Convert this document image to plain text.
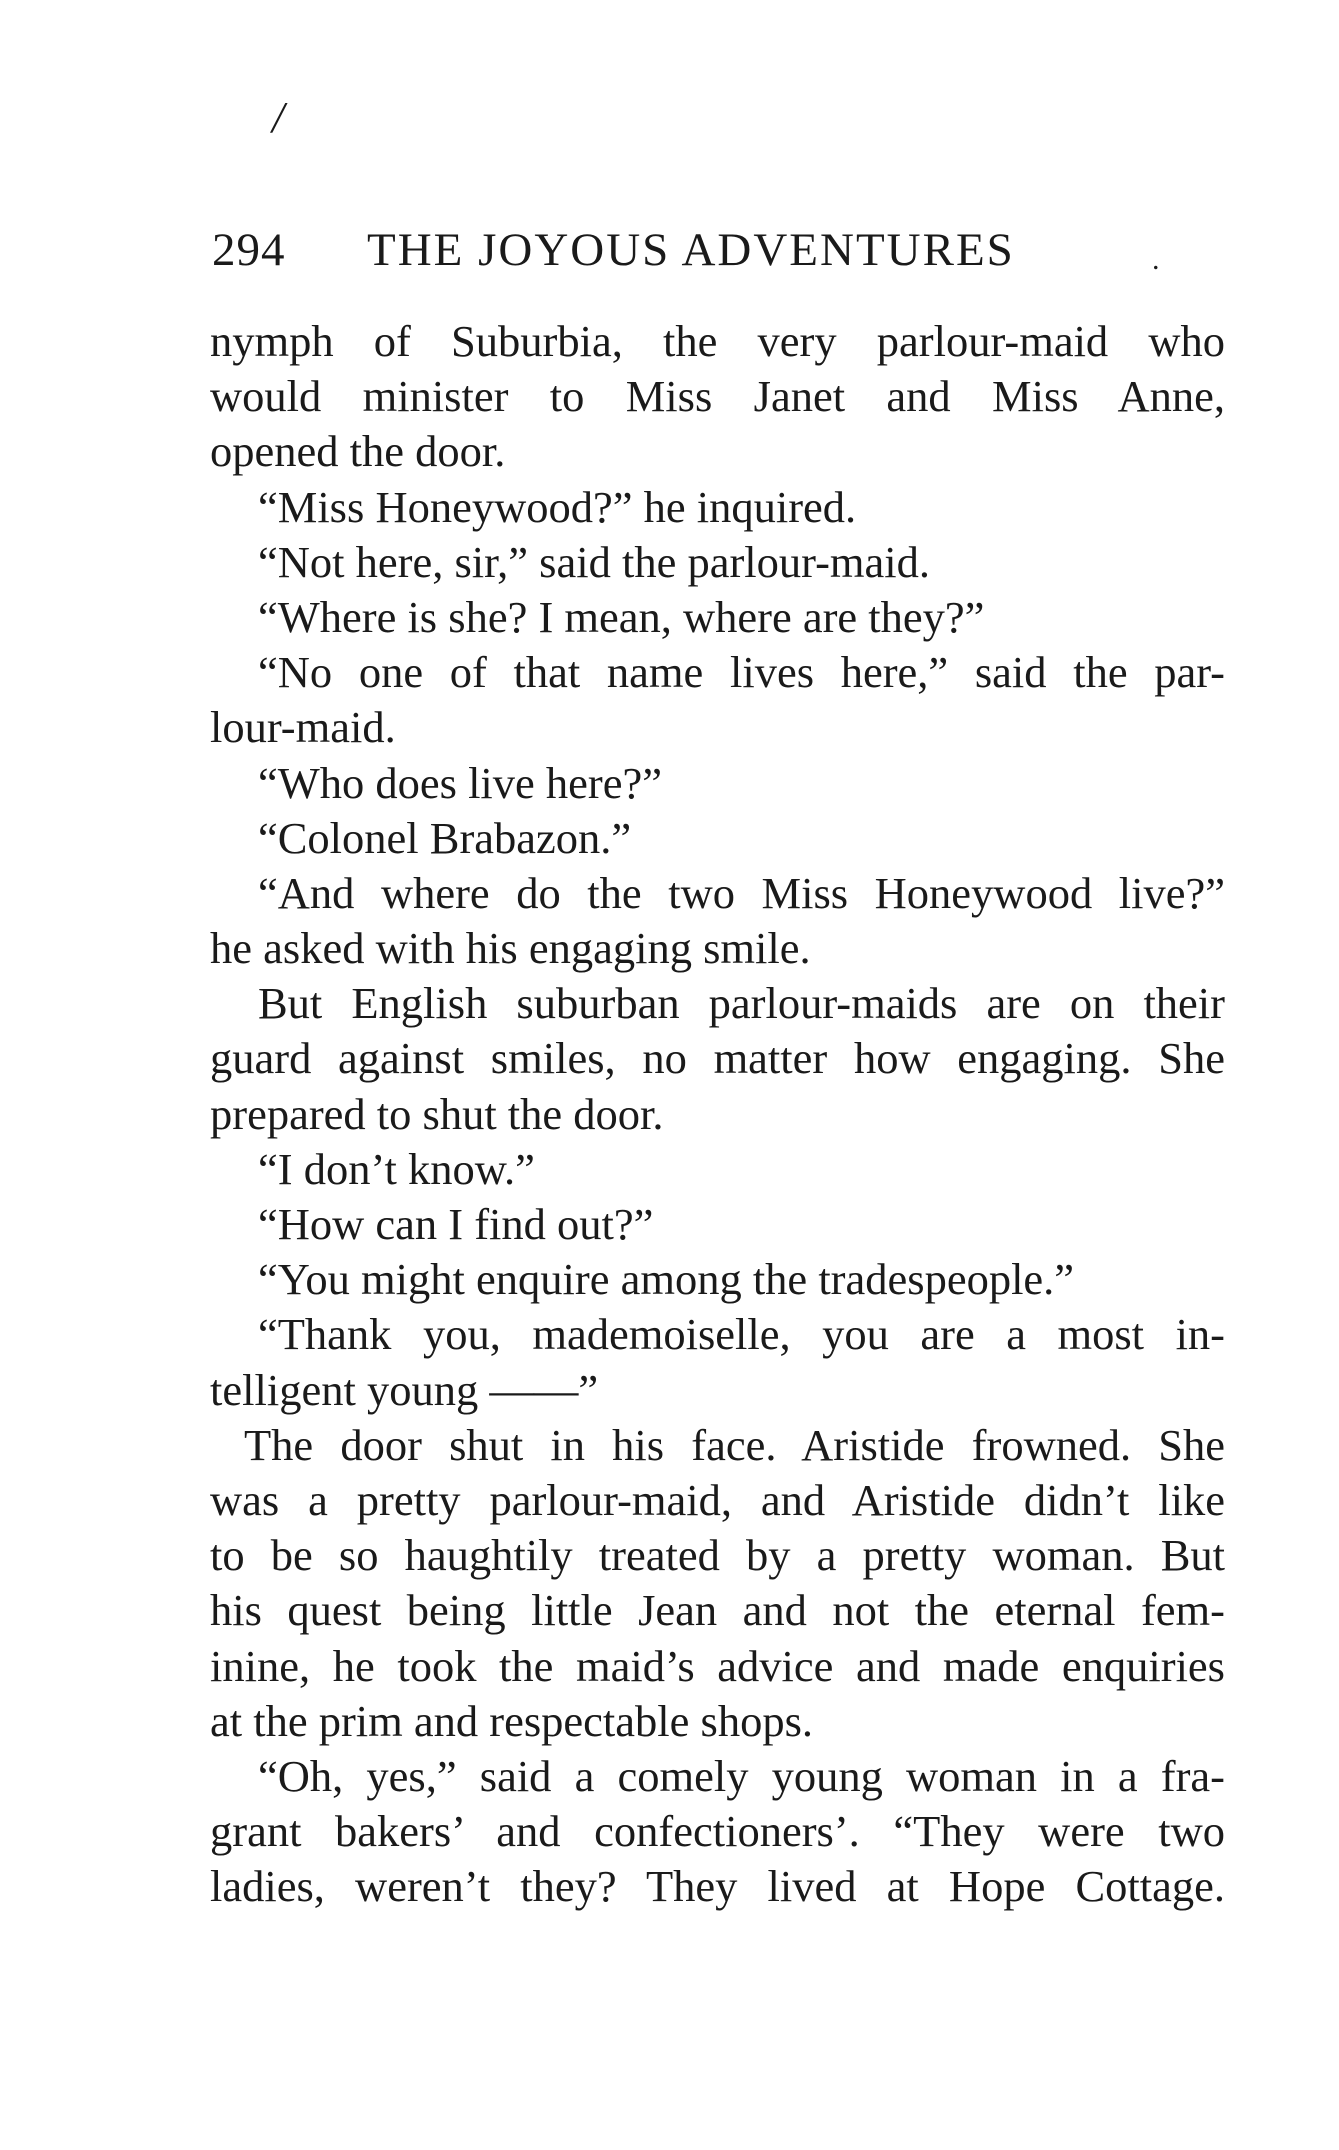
/
294 THE JOYOUS ADVENTURES	.
nymph of Suburbia, the very parlour-maid who
would minister to Miss Janet and Miss Anne,
opened the door.
“Miss Honeywood?” he inquired.
“Not here, sir,” said the parlour-maid.
“Where is she? I mean, where are they?”
“No one of that name lives here,” said the par-
lour-maid.
“Who does live here?”
“Colonel Brabazon.”
“And where do the two Miss Honeywood live?”
he asked with his engaging smile.
But English suburban parlour-maids are on their
guard against smiles, no matter how engaging. She
prepared to shut the door.
“I don’t know.”
“How can I find out?”
“You might enquire among the tradespeople.”
“Thank you, mademoiselle, you are a most in-
telligent young ——”
The door shut in his face. Aristide frowned. She
was a pretty parlour-maid, and Aristide didn’t like
to be so haughtily treated by a pretty woman. But
his quest being little Jean and not the eternal fem-
inine, he took the maid’s advice and made enquiries
at the prim and respectable shops.
“Oh, yes,” said a comely young woman in a fra-
grant bakers’ and confectioners’. “They were two
ladies, weren’t they? They lived at Hope Cottage.
